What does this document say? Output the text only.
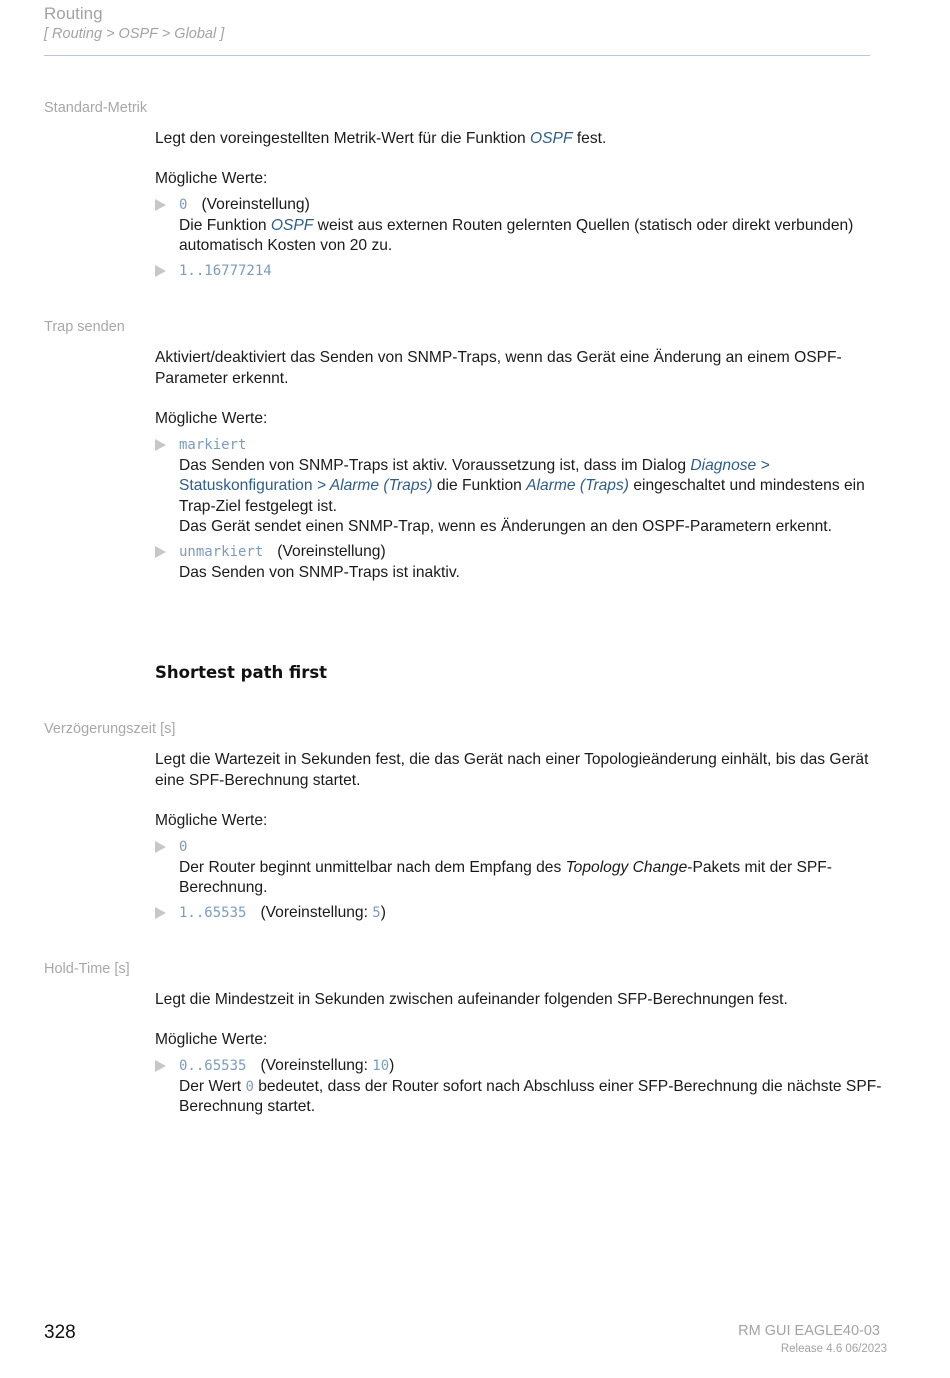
Routing
[ Routing > OSPF > Global ]
Standard-Metrik
Legt den voreingestellten Metrik-Wert für die Funktion OSPF fest.
Mögliche Werte:
0 (Voreinstellung)
Die Funktion OSPF weist aus externen Routen gelernten Quellen (statisch oder direkt verbunden) automatisch Kosten von 20 zu.
1..16777214
Trap senden
Aktiviert/deaktiviert das Senden von SNMP-Traps, wenn das Gerät eine Änderung an einem OSPF-Parameter erkennt.
Mögliche Werte:
markiert
Das Senden von SNMP-Traps ist aktiv. Voraussetzung ist, dass im Dialog Diagnose > Statuskonfiguration > Alarme (Traps) die Funktion Alarme (Traps) eingeschaltet und mindestens ein Trap-Ziel festgelegt ist.
Das Gerät sendet einen SNMP-Trap, wenn es Änderungen an den OSPF-Parametern erkennt.
unmarkiert (Voreinstellung)
Das Senden von SNMP-Traps ist inaktiv.
Shortest path first
Verzögerungszeit [s]
Legt die Wartezeit in Sekunden fest, die das Gerät nach einer Topologieänderung einhält, bis das Gerät eine SPF-Berechnung startet.
Mögliche Werte:
0
Der Router beginnt unmittelbar nach dem Empfang des Topology Change-Pakets mit der SPF-Berechnung.
1..65535 (Voreinstellung: 5)
Hold-Time [s]
Legt die Mindestzeit in Sekunden zwischen aufeinander folgenden SFP-Berechnungen fest.
Mögliche Werte:
0..65535 (Voreinstellung: 10)
Der Wert 0 bedeutet, dass der Router sofort nach Abschluss einer SFP-Berechnung die nächste SPF-Berechnung startet.
328	RM GUI EAGLE40-03
Release 4.6 06/2023
